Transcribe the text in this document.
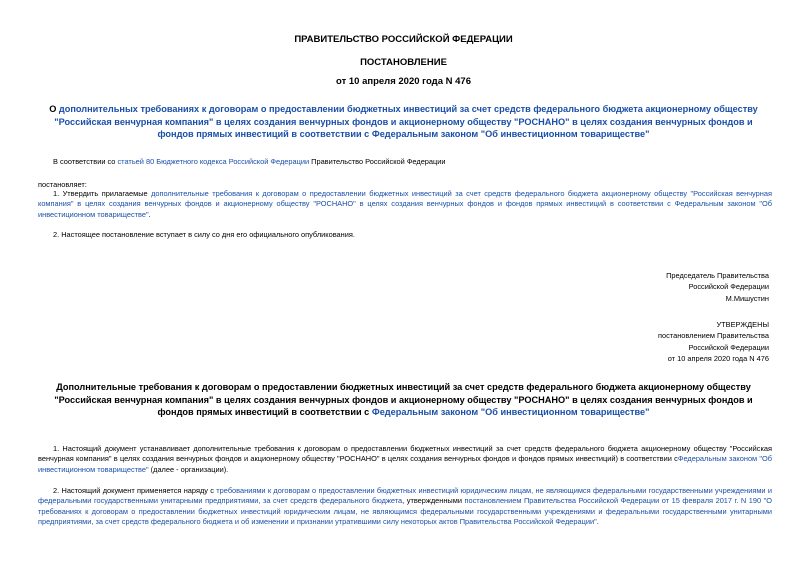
ПРАВИТЕЛЬСТВО РОССИЙСКОЙ ФЕДЕРАЦИИ
ПОСТАНОВЛЕНИЕ
от 10 апреля 2020 года N 476
О дополнительных требованиях к договорам о предоставлении бюджетных инвестиций за счет средств федерального бюджета акционерному обществу "Российская венчурная компания" в целях создания венчурных фондов и акционерному обществу "РОСНАНО" в целях создания венчурных фондов и фондов прямых инвестиций в соответствии с Федеральным законом "Об инвестиционном товариществе"
В соответствии со статьей 80 Бюджетного кодекса Российской Федерации Правительство Российской Федерации
постановляет:
1. Утвердить прилагаемые дополнительные требования к договорам о предоставлении бюджетных инвестиций за счет средств федерального бюджета акционерному обществу "Российская венчурная компания" в целях создания венчурных фондов и акционерному обществу "РОСНАНО" в целях создания венчурных фондов и фондов прямых инвестиций в соответствии с Федеральным законом "Об инвестиционном товариществе".
2. Настоящее постановление вступает в силу со дня его официального опубликования.
Председатель Правительства
Российской Федерации
М.Мишустин
УТВЕРЖДЕНЫ
постановлением Правительства
Российской Федерации
от 10 апреля 2020 года N 476
Дополнительные требования к договорам о предоставлении бюджетных инвестиций за счет средств федерального бюджета акционерному обществу "Российская венчурная компания" в целях создания венчурных фондов и акционерному обществу "РОСНАНО" в целях создания венчурных фондов и фондов прямых инвестиций в соответствии с Федеральным законом "Об инвестиционном товариществе"
1. Настоящий документ устанавливает дополнительные требования к договорам о предоставлении бюджетных инвестиций за счет средств федерального бюджета акционерному обществу "Российская венчурная компания" в целях создания венчурных фондов и акционерному обществу "РОСНАНО" в целях создания венчурных фондов и фондов прямых инвестиций) в соответствии сФедеральным законом "Об инвестиционном товариществе" (далее - организации).
2. Настоящий документ применяется наряду с требованиями к договорам о предоставлении бюджетных инвестиций юридическим лицам, не являющимся федеральными государственными учреждениями и федеральными государственными унитарными предприятиями, за счет средств федерального бюджета, утвержденными постановлением Правительства Российской Федерации от 15 февраля 2017 г. N 190 "О требованиях к договорам о предоставлении бюджетных инвестиций юридическим лицам, не являющимся федеральными государственными учреждениями и федеральными государственными унитарными предприятиями, за счет средств федерального бюджета и об изменении и признании утратившими силу некоторых актов Правительства Российской Федерации".
